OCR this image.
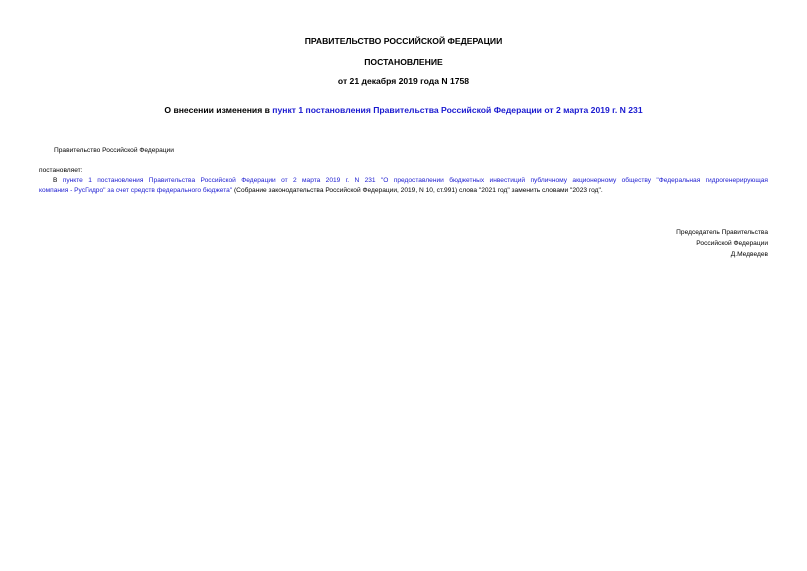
ПРАВИТЕЛЬСТВО РОССИЙСКОЙ ФЕДЕРАЦИИ
ПОСТАНОВЛЕНИЕ
от 21 декабря 2019 года N 1758
О внесении изменения в пункт 1 постановления Правительства Российской Федерации от 2 марта 2019 г. N 231
Правительство Российской Федерации
постановляет:
В пункте 1 постановления Правительства Российской Федерации от 2 марта 2019 г. N 231 "О предоставлении бюджетных инвестиций публичному акционерному обществу "Федеральная гидрогенерирующая
компания - РусГидро" за счет средств федерального бюджета" (Собрание законодательства Российской Федерации, 2019, N 10, ст.991) слова "2021 год" заменить словами "2023 год".
Председатель Правительства
Российской Федерации
Д.Медведев
